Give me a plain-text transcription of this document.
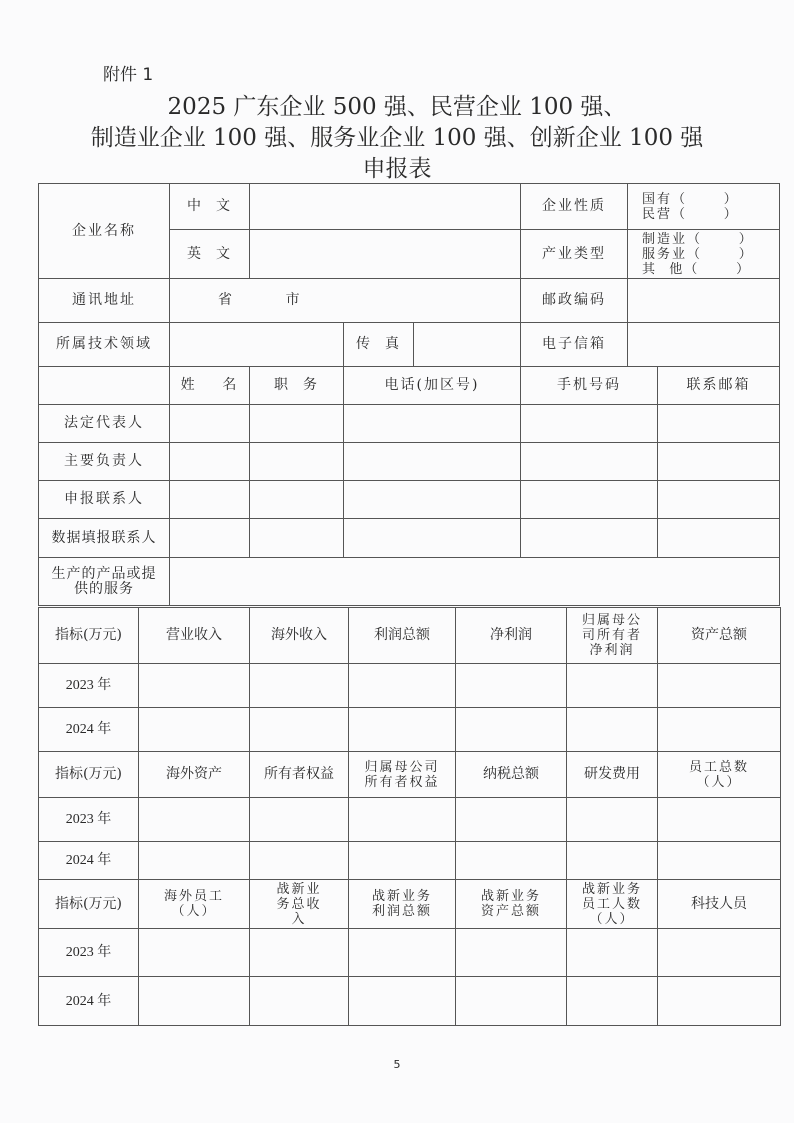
附件 1
2025 广东企业 500 强、民营企业 100 强、
制造业企业 100 强、服务业企业 100 强、创新企业 100 强
申报表
企业名称	中  文				企业性质	国有（      ）
民营（      ）	

	英  文				产业类型	制造业（      ）
服务业（      ）
其  他（      ）	

通讯地址	省        市				邮政编码		
所属技术领域			传  真		电子信箱		
	姓    名	职  务	电话(加区号)		手机号码		联系邮箱
法定代表人							
主要负责人							
申报联系人							
数据填报联系人							
生产的产品或提供的服务							
指标(万元)	营业收入	海外收入	利润总额	净利润	归属母公司所有者净利润	资产总额
2023 年						
2024 年						
指标(万元)	海外资产	所有者权益	归属母公司所有者权益	纳税总额	研发费用	员工总数（人）
2023 年						
2024 年						
指标(万元)	海外员工（人）	战新业务总收入	战新业务利润总额	战新业务资产总额	战新业务员工人数（人）	科技人员
2023 年						
2024 年						
5
